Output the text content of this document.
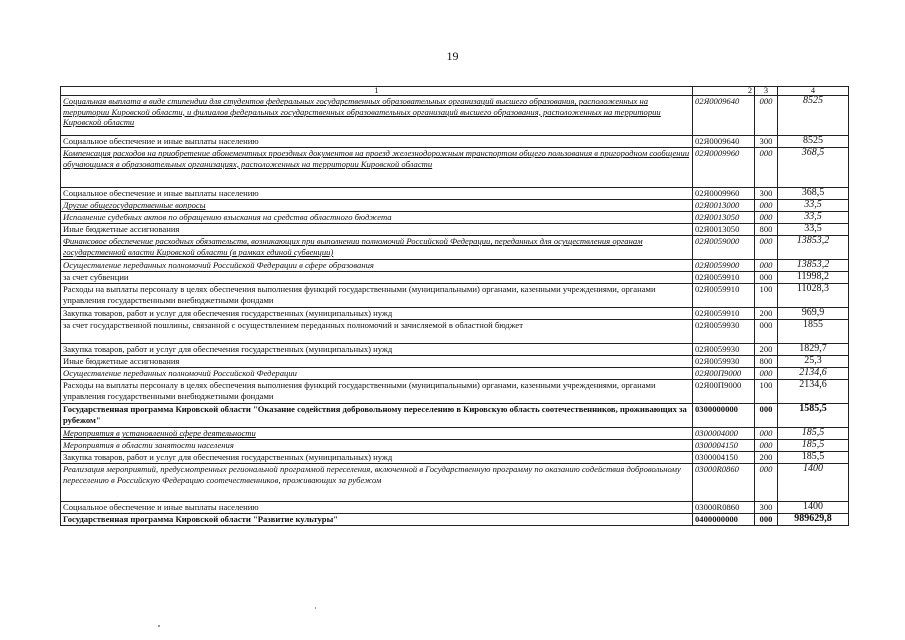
19
1	2	3	4
Социальная выплата в виде стипендии для студентов федеральных государственных образовательных организаций высшего образования, расположенных на территории Кировской области, и филиалов федеральных государственных образовательных организаций высшего образования, расположенных на территории Кировской области	02Я0009640	000	8525
Социальное обеспечение и иные выплаты населению	02Я0009640	300	8525
Компенсация расходов на приобретение абонементных проездных документов на проезд железнодорожным транспортом общего пользования в пригородном сообщении обучающимся в образовательных организациях, расположенных на территории Кировской области	02Я0009960	000	368,5
Социальное обеспечение и иные выплаты населению	02Я0009960	300	368,5
Другие общегосударственные вопросы	02Я0013000	000	33,5
Исполнение судебных актов по обращению взыскания на средства областного бюджета	02Я0013050	000	33,5
Иные бюджетные ассигнования	02Я0013050	800	33,5
Финансовое обеспечение расходных обязательств, возникающих при выполнении полномочий Российской Федерации, переданных для осуществления органам государственной власти Кировской области (в рамках единой субвенции)	02Я0059000	000	13853,2
Осуществление переданных полномочий Российской Федерации в сфере образования	02Я0059900	000	13853,2
за счет субвенции	02Я0059910	000	11998,2
Расходы на выплаты персоналу в целях обеспечения выполнения функций государственными (муниципальными) органами, казенными учреждениями, органами управления государственными внебюджетными фондами	02Я0059910	100	11028,3
Закупка товаров, работ и услуг для обеспечения государственных (муниципальных) нужд	02Я0059910	200	969,9
за счет государственной пошлины, связанной с осуществлением переданных полномочий и зачисляемой в областной бюджет	02Я0059930	000	1855
Закупка товаров, работ и услуг для обеспечения государственных (муниципальных) нужд	02Я0059930	200	1829,7
Иные бюджетные ассигнования	02Я0059930	800	25,3
Осуществление переданных полномочий Российской Федерации	02Я00П9000	000	2134,6
Расходы на выплаты персоналу в целях обеспечения выполнения функций государственными (муниципальными) органами, казенными учреждениями, органами управления государственными внебюджетными фондами	02Я00П9000	100	2134,6
Государственная программа Кировской области "Оказание содействия добровольному переселению в Кировскую область соотечественников, проживающих за рубежом"	0300000000	000	1585,5
Мероприятия в установленной сфере деятельности	0300004000	000	185,5
Мероприятия в области занятости населения	0300004150	000	185,5
Закупка товаров, работ и услуг для обеспечения государственных (муниципальных) нужд	0300004150	200	185,5
Реализация мероприятий, предусмотренных региональной программой переселения, включенной в Государственную программу по оказанию содействия добровольному переселению в Российскую Федерацию соотечественников, проживающих за рубежом	03000R0860	000	1400
Социальное обеспечение и иные выплаты населению	03000R0860	300	1400
Государственная программа Кировской области "Развитие культуры"	0400000000	000	989629,8
